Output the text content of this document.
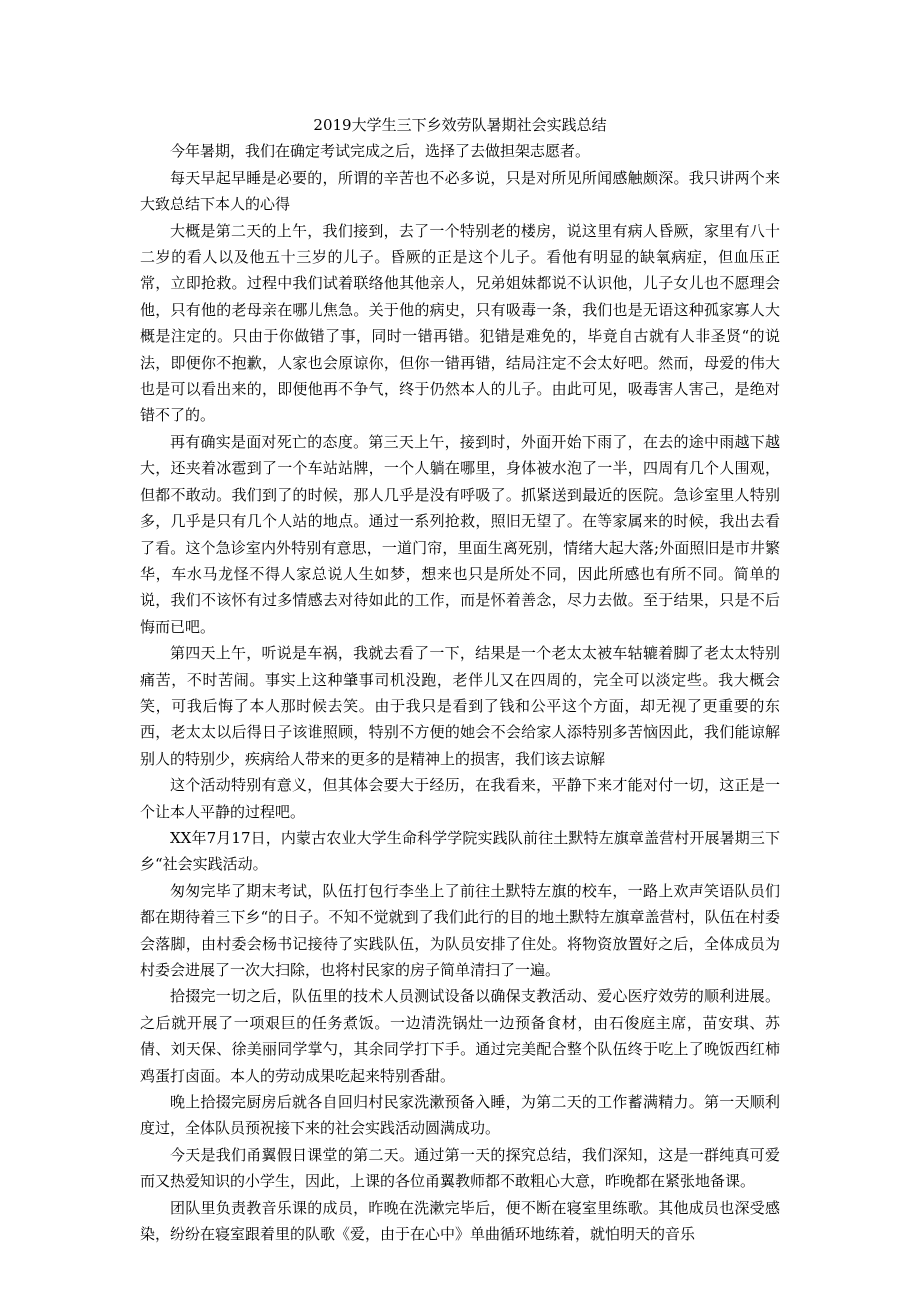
2019大学生三下乡效劳队暑期社会实践总结

今年暑期，我们在确定考试完成之后，选择了去做担架志愿者。

每天早起早睡是必要的，所谓的辛苦也不必多说，只是对所见所闻感触颇深。我只讲两个来大致总结下本人的心得

大概是第二天的上午，我们接到，去了一个特别老的楼房，说这里有病人昏厥，家里有八十二岁的看人以及他五十三岁的儿子。昏厥的正是这个儿子。看他有明显的缺氧病症，但血压正常，立即抢救。过程中我们试着联络他其他亲人，兄弟姐妹都说不认识他，儿子女儿也不愿理会他，只有他的老母亲在哪儿焦急。关于他的病史，只有吸毒一条，我们也是无语这种孤家寡人大概是注定的。只由于你做错了事，同时一错再错。犯错是难免的，毕竟自古就有人非圣贤“的说法，即便你不抱歉，人家也会原谅你，但你一错再错，结局注定不会太好吧。然而，母爱的伟大也是可以看出来的，即便他再不争气，终于仍然本人的儿子。由此可见，吸毒害人害己，是绝对错不了的。

再有确实是面对死亡的态度。第三天上午，接到时，外面开始下雨了，在去的途中雨越下越大，还夹着冰雹到了一个车站站牌，一个人躺在哪里，身体被水泡了一半，四周有几个人围观，但都不敢动。我们到了的时候，那人几乎是没有呼吸了。抓紧送到最近的医院。急诊室里人特别多，几乎是只有几个人站的地点。通过一系列抢救，照旧无望了。在等家属来的时候，我出去看了看。这个急诊室内外特别有意思，一道门帘，里面生离死别，情绪大起大落;外面照旧是市井繁华，车水马龙怪不得人家总说人生如梦，想来也只是所处不同，因此所感也有所不同。简单的说，我们不该怀有过多情感去对待如此的工作，而是怀着善念，尽力去做。至于结果，只是不后悔而已吧。

第四天上午，听说是车祸，我就去看了一下，结果是一个老太太被车轱辘着脚了老太太特别痛苦，不时苦闹。事实上这种肇事司机没跑，老伴儿又在四周的，完全可以淡定些。我大概会笑，可我后悔了本人那时候去笑。由于我只是看到了钱和公平这个方面，却无视了更重要的东西，老太太以后得日子该谁照顾，特别不方便的她会不会给家人添特别多苦恼因此，我们能谅解别人的特别少，疾病给人带来的更多的是精神上的损害，我们该去谅解

这个活动特别有意义，但其体会要大于经历，在我看来，平静下来才能对付一切，这正是一个让本人平静的过程吧。

XX年7月17日，内蒙古农业大学生命科学学院实践队前往土默特左旗章盖营村开展暑期三下乡“社会实践活动。

匆匆完毕了期末考试，队伍打包行李坐上了前往土默特左旗的校车，一路上欢声笑语队员们都在期待着三下乡“的日子。不知不觉就到了我们此行的目的地土默特左旗章盖营村，队伍在村委会落脚，由村委会杨书记接待了实践队伍，为队员安排了住处。将物资放置好之后，全体成员为村委会进展了一次大扫除，也将村民家的房子简单清扫了一遍。

拾掇完一切之后，队伍里的技术人员测试设备以确保支教活动、爱心医疗效劳的顺利进展。之后就开展了一项艰巨的任务煮饭。一边清洗锅灶一边预备食材，由石俊庭主席，苗安琪、苏倩、刘天保、徐美丽同学掌勺，其余同学打下手。通过完美配合整个队伍终于吃上了晚饭西红柿鸡蛋打卤面。本人的劳动成果吃起来特别香甜。

晚上拾掇完厨房后就各自回归村民家洗漱预备入睡，为第二天的工作蓄满精力。第一天顺利度过，全体队员预祝接下来的社会实践活动圆满成功。

今天是我们甬翼假日课堂的第二天。通过第一天的探究总结，我们深知，这是一群纯真可爱而又热爱知识的小学生，因此，上课的各位甬翼教师都不敢粗心大意，昨晚都在紧张地备课。

团队里负责教音乐课的成员，昨晚在洗漱完毕后，便不断在寝室里练歌。其他成员也深受感染，纷纷在寝室跟着里的队歌《爱，由于在心中》单曲循环地练着，就怕明天的音乐
